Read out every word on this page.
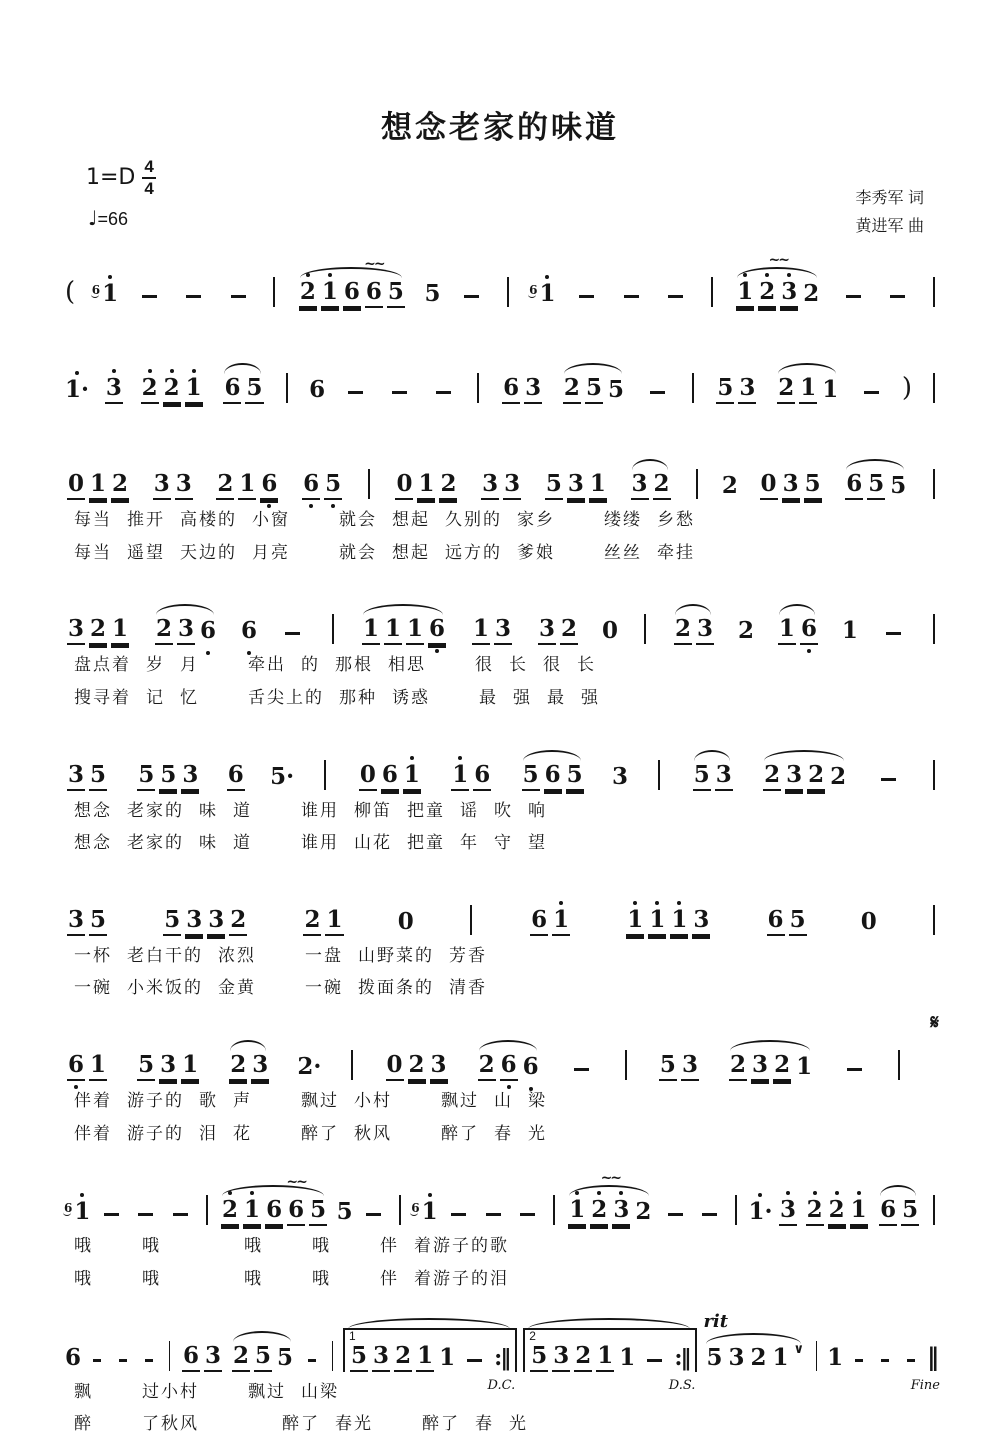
想念老家的味道
$1=D \frac{4}{4}$
♩=66
李秀军 词
黄进军 曲
( 6 1	2 1 6 6
~~
5 5	6 1
~~
1 2 3 2
1· 3 2 2 1 6 5 6	6 3 2 5 5	5 3 2 1 1 )
0 1 2 3 3 2 1 6 6 5 0 1 2 3 3 5 3 1 3 2 2 0 3 5 6 5 5
每当 推开 高楼的 小窗	就会 想起 久别的 家乡	缕缕 乡愁
每当 遥望 天边的 月亮	就会 想起 远方的 爹娘	丝丝 牵挂
3 2 1 2 3 6 6	1 1 1 6 1 3 3 2 0 2 3 2 1 6 1
盘点着 岁 月	牵出 的 那根 相思	很 长 很 长
搜寻着 记 忆	舌尖上的 那种 诱惑	最 强 最 强
3 5 5 5 3 6 5·	0 6 1 1 6 5 6 5 3	5 3 2 3 2 2
想念 老家的 味 道	谁用 柳笛 把童 谣 吹 响
想念 老家的 味 道	谁用 山花 把童 年 守 望
3 5	5 3 3 2	2 1 0	6 1	1 1 1 3	6 5 0
一杯 老白干的 浓烈	一盘 山野菜的 芳香
一碗 小米饭的 金黄	一碗 拨面条的 清香
6 1 5 3 1 2 3 2·	0 2 3 2 6 6	5 3 2 3 2 1
𝄋
伴着 游子的 歌 声	飘过 小村	飘过 山 梁
伴着 游子的 泪 花	醉了 秋风	醉了 春 光
6 1	2 1 6 6
~~
5 5	6 1
~~
1 2 3 2	1· 3 2 2 1 6 5
哦	哦	哦	哦	伴 着游子的歌
哦	哦	哦	哦	伴 着游子的泪
6	6 3 2 5 5
1
D.C.
5 3 2 1 1 :‖
2
D.S.
5 3 2 1 1 :‖
rit
5 3 2 1 ∨ 1	‖
Fine
飘	过小村	飘过 山梁
醉	了秋风	醉了 春光	醉了 春 光
